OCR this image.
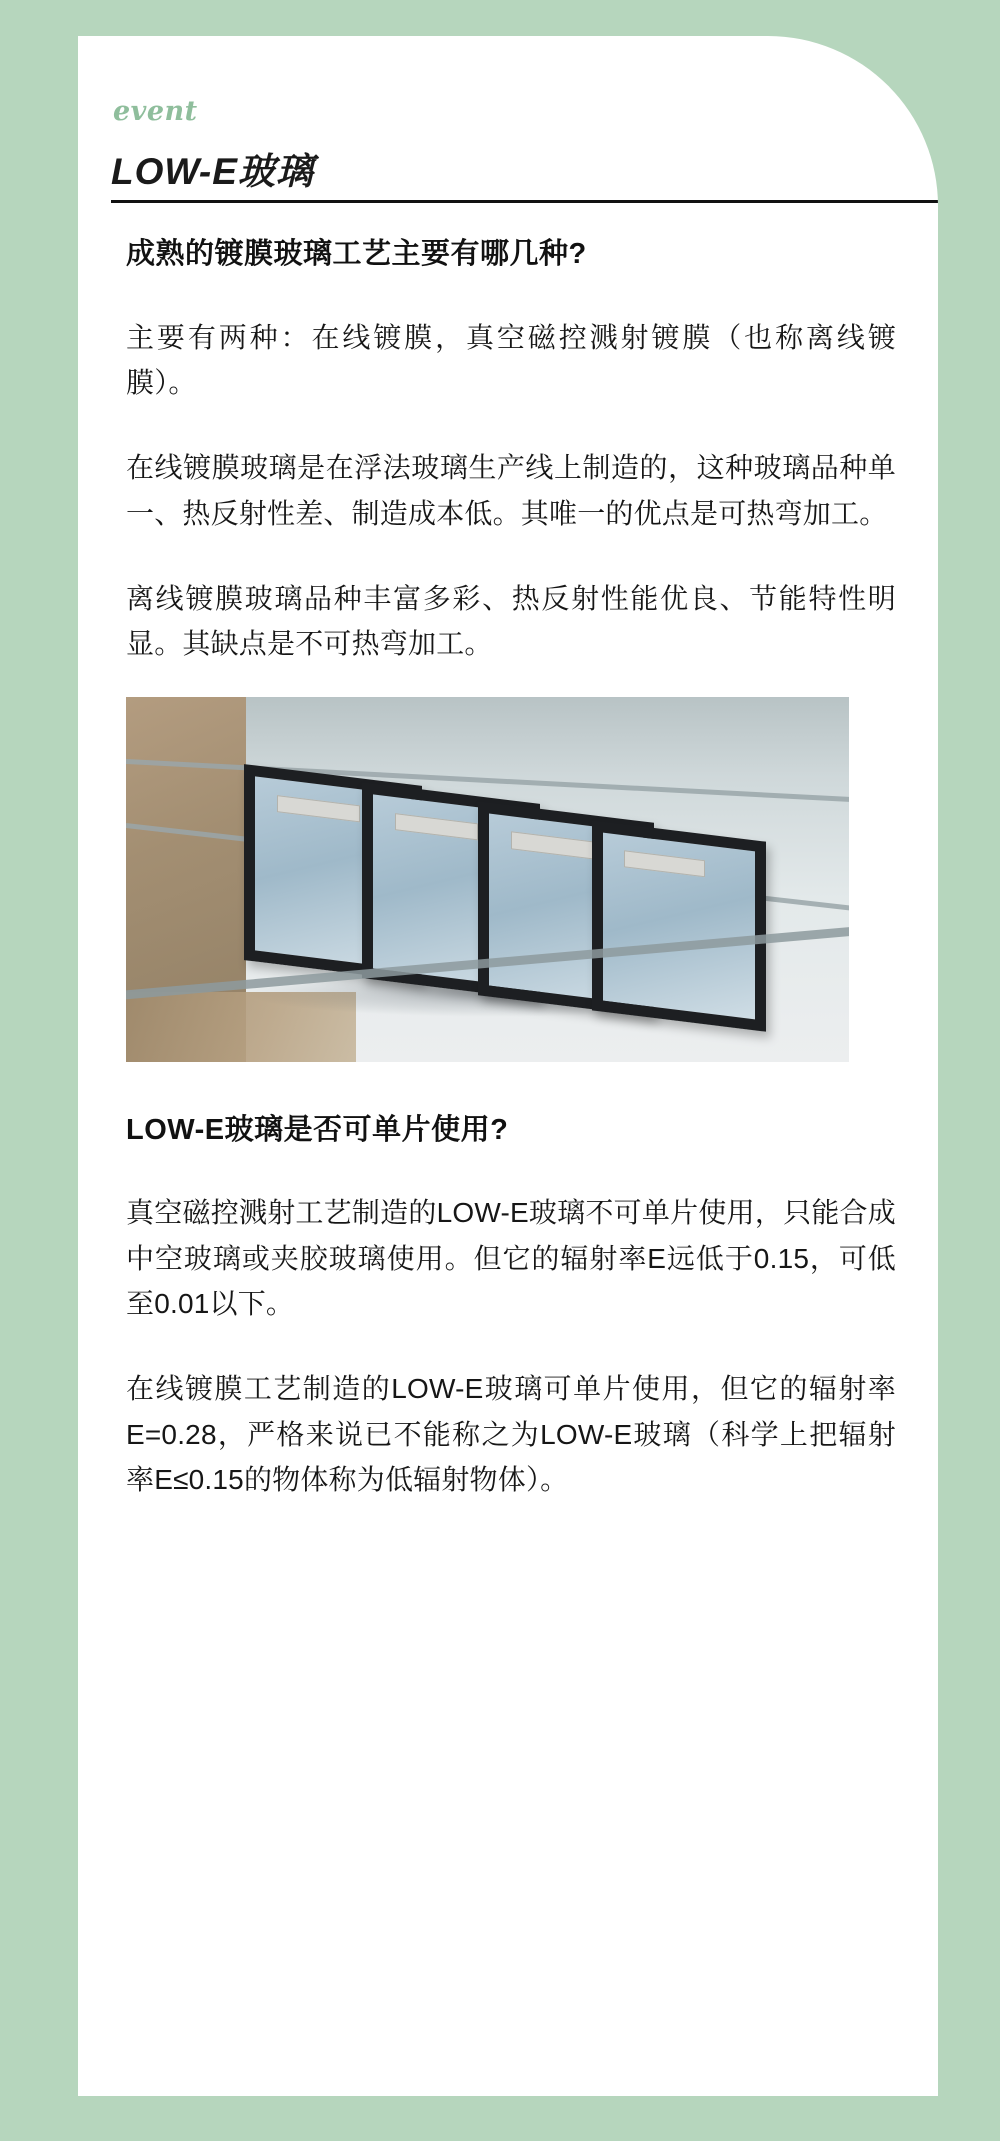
event
LOW-E玻璃
成熟的镀膜玻璃工艺主要有哪几种?

主要有两种：在线镀膜，真空磁控溅射镀膜（也称离线镀膜）。

在线镀膜玻璃是在浮法玻璃生产线上制造的，这种玻璃品种单一、热反射性差、制造成本低。其唯一的优点是可热弯加工。

离线镀膜玻璃品种丰富多彩、热反射性能优良、节能特性明显。其缺点是不可热弯加工。

LOW-E玻璃是否可单片使用?

真空磁控溅射工艺制造的LOW-E玻璃不可单片使用，只能合成中空玻璃或夹胶玻璃使用。但它的辐射率E远低于0.15，可低至0.01以下。

在线镀膜工艺制造的LOW-E玻璃可单片使用，但它的辐射率E=0.28，严格来说已不能称之为LOW-E玻璃（科学上把辐射率E≤0.15的物体称为低辐射物体）。
